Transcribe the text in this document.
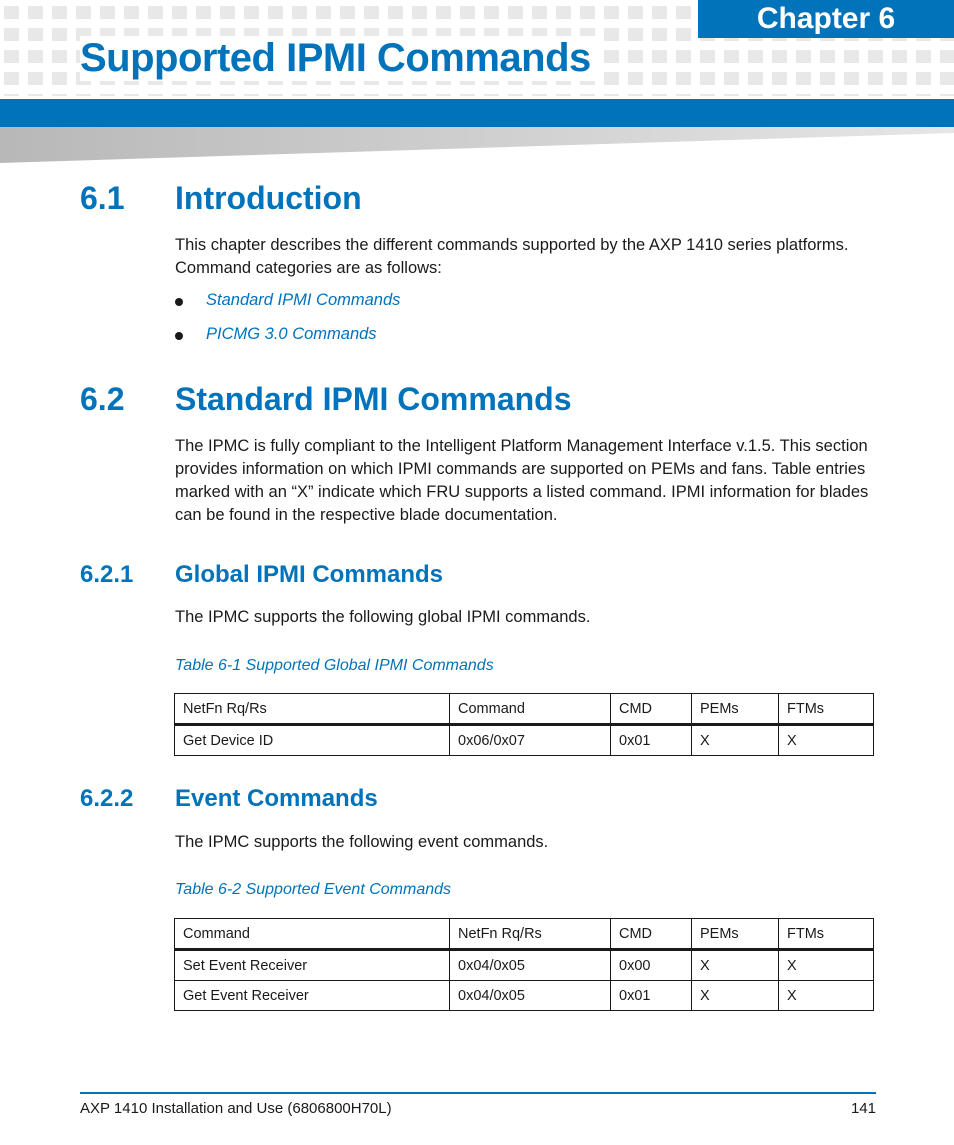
Chapter 6
Supported IPMI Commands
6.1 Introduction
This chapter describes the different commands supported by the AXP 1410 series platforms. Command categories are as follows:
Standard IPMI Commands
PICMG 3.0 Commands
6.2 Standard IPMI Commands
The IPMC is fully compliant to the Intelligent Platform Management Interface v.1.5. This section provides information on which IPMI commands are supported on PEMs and fans. Table entries marked with an “X” indicate which FRU supports a listed command. IPMI information for blades can be found in the respective blade documentation.
6.2.1 Global IPMI Commands
The IPMC supports the following global IPMI commands.
Table 6-1 Supported Global IPMI Commands
NetFn Rq/Rs	Command	CMD	PEMs	FTMs
Get Device ID	0x06/0x07	0x01	X	X
6.2.2 Event Commands
The IPMC supports the following event commands.
Table 6-2 Supported Event Commands
Command	NetFn Rq/Rs	CMD	PEMs	FTMs
Set Event Receiver	0x04/0x05	0x00	X	X
Get Event Receiver	0x04/0x05	0x01	X	X
AXP 1410 Installation and Use (6806800H70L)	141
